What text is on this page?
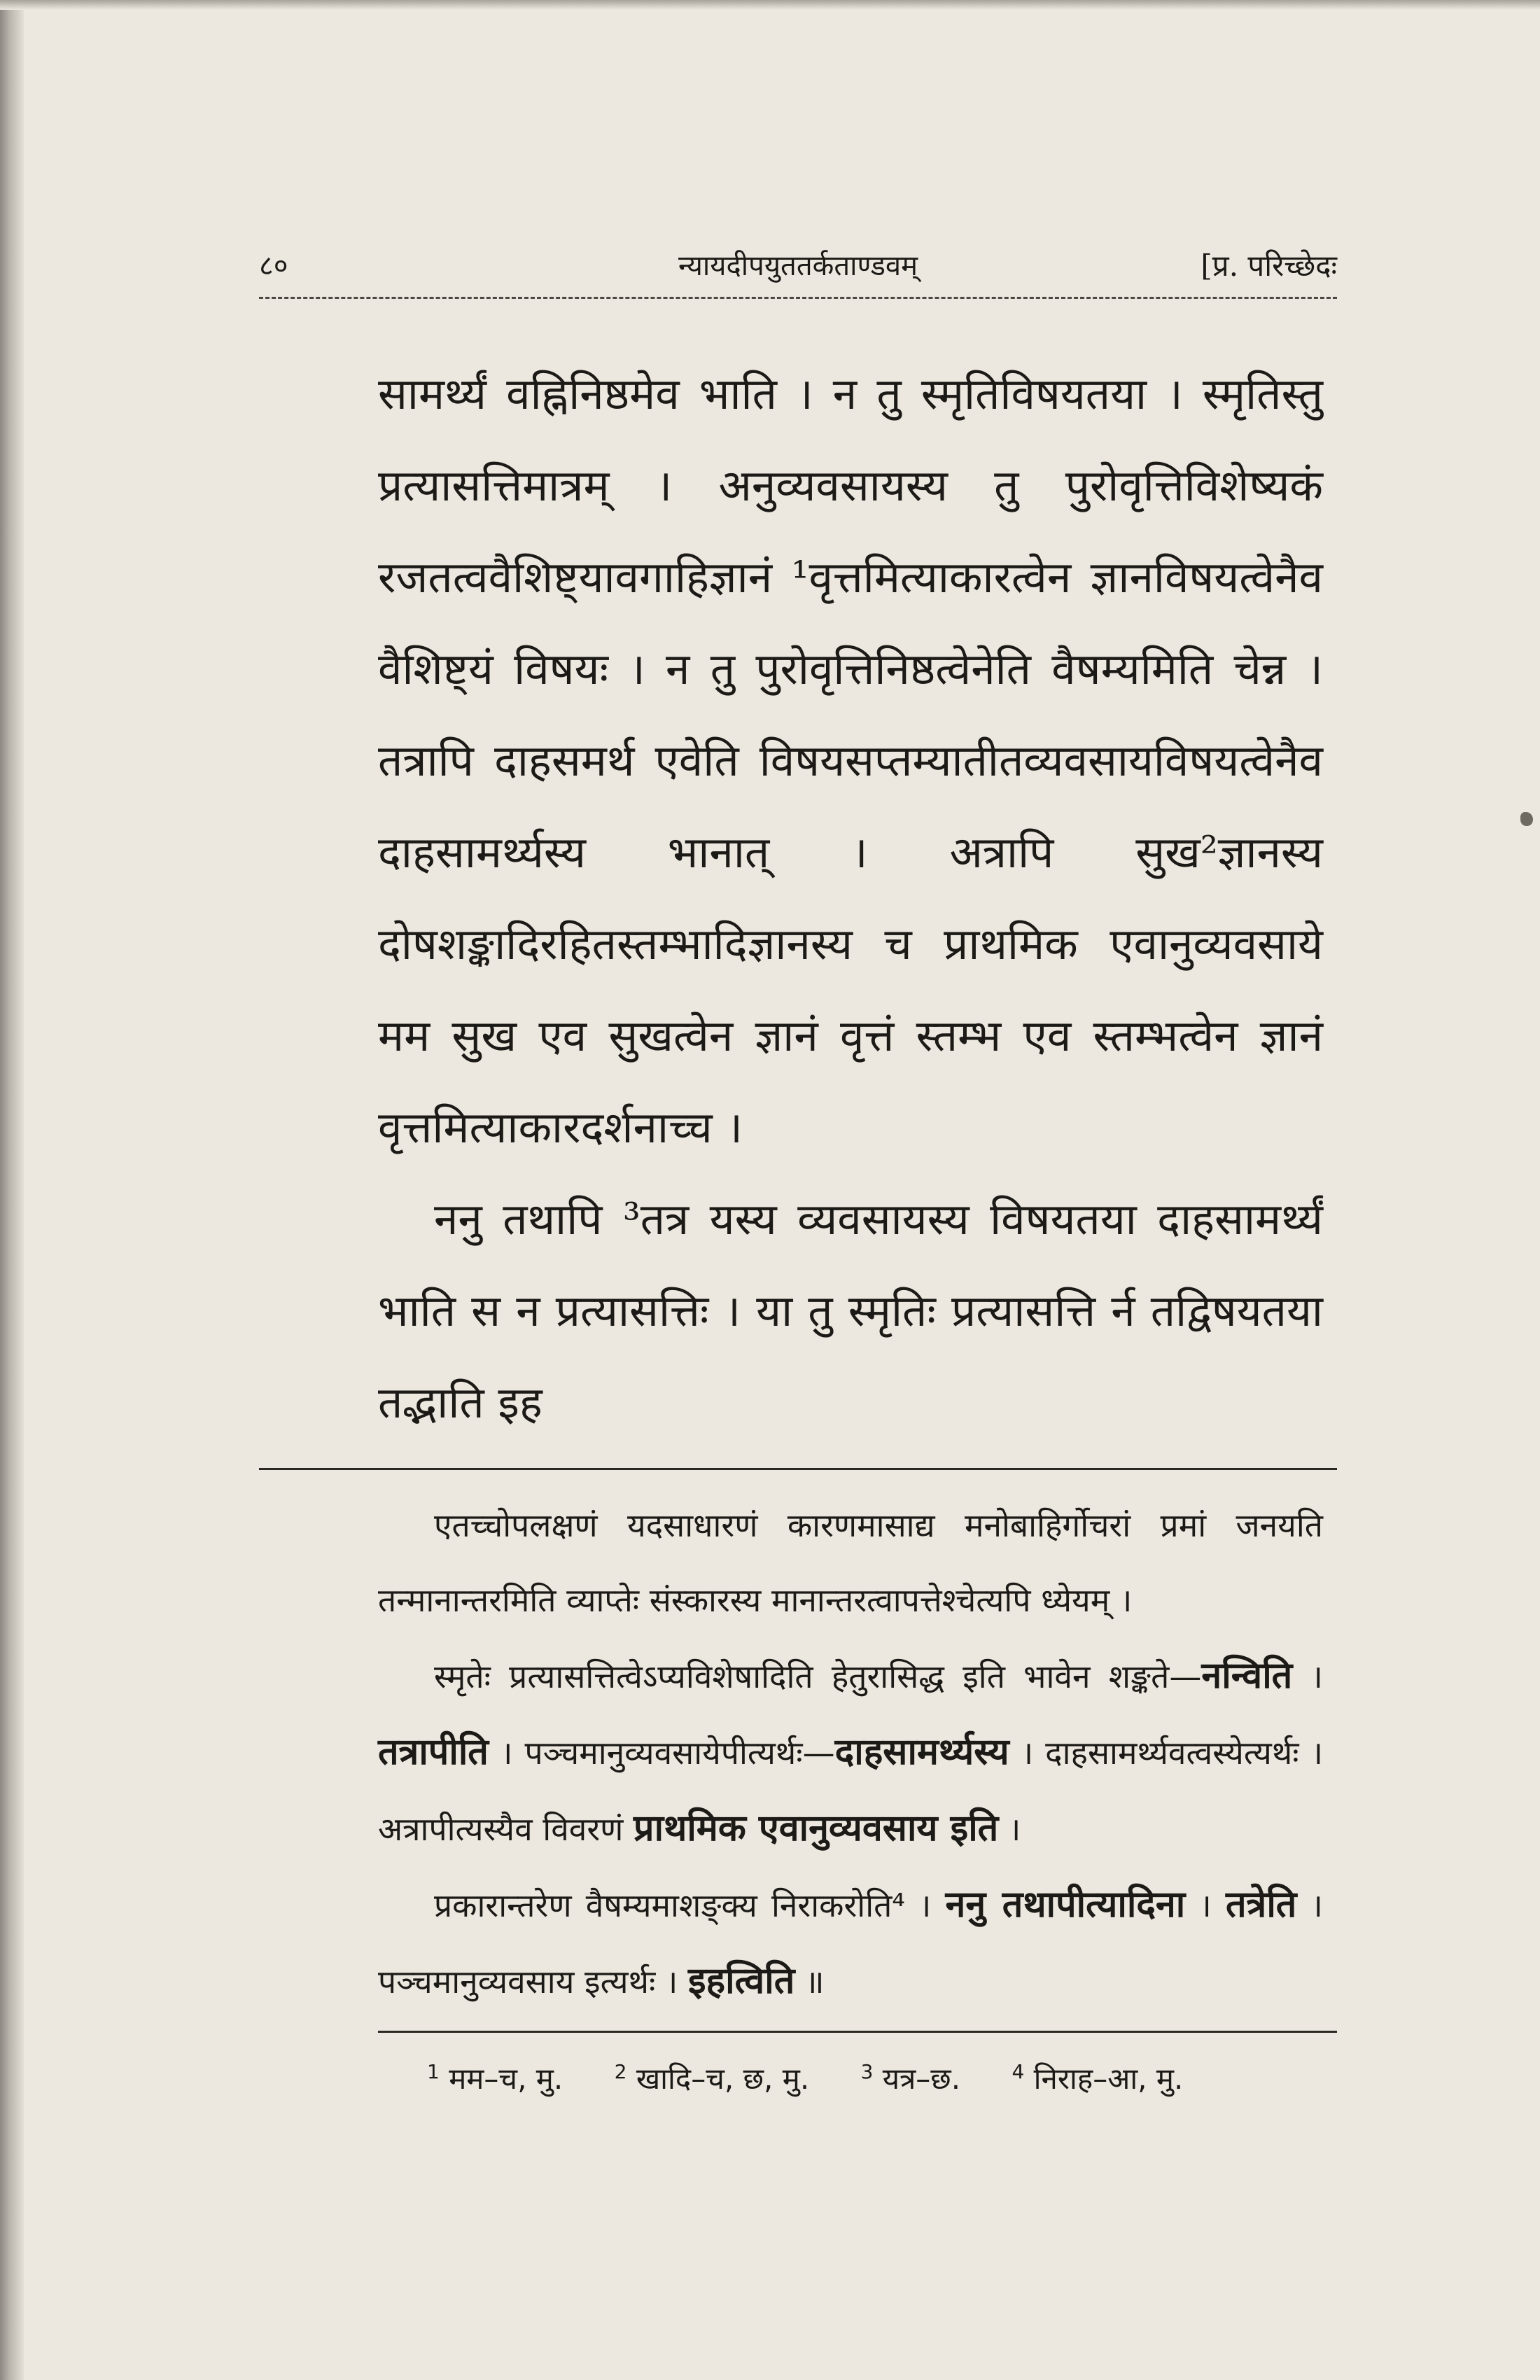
८०	न्यायदीपयुततर्कताण्डवम्	[प्र. परिच्छेदः

सामर्थ्यं वह्निनिष्ठमेव भाति । न तु स्मृतिविषयतया । स्मृतिस्तु प्रत्यासत्तिमात्रम् । अनुव्यवसायस्य तु पुरोवृत्तिविशेष्यकं रजतत्ववैशिष्ट्यावगाहिज्ञानं ¹वृत्तमित्याकारत्वेन ज्ञानविषयत्वेनैव वैशिष्ट्यं विषयः । न तु पुरोवृत्तिनिष्ठत्वेनेति वैषम्यमिति चेन्न । तत्रापि दाहसमर्थ एवेति विषयसप्तम्यातीतव्यवसायविषयत्वेनैव दाहसामर्थ्यस्य भानात् । अत्रापि सुख²ज्ञानस्य दोषशङ्कादिरहितस्तम्भादिज्ञानस्य च प्राथमिक एवानुव्यवसाये मम सुख एव सुखत्वेन ज्ञानं वृत्तं स्तम्भ एव स्तम्भत्वेन ज्ञानं वृत्तमित्याकारदर्शनाच्च ।

ननु तथापि ³तत्र यस्य व्यवसायस्य विषयतया दाहसामर्थ्यं भाति स न प्रत्यासत्तिः । या तु स्मृतिः प्रत्यासत्ति र्न तद्विषयतया तद्भाति इह

एतच्चोपलक्षणं यदसाधारणं कारणमासाद्य मनोबाहिर्गोचरां प्रमां जनयति तन्मानान्तरमिति व्याप्तेः संस्कारस्य मानान्तरत्वापत्तेश्चेत्यपि ध्येयम् ।

स्मृतेः प्रत्यासत्तित्वेऽप्यविशेषादिति हेतुरासिद्ध इति भावेन शङ्कते—नन्विति । तत्रापीति । पञ्चमानुव्यवसायेपीत्यर्थः—दाहसामर्थ्यस्य । दाहसामर्थ्यवत्वस्येत्यर्थः । अत्रापीत्यस्यैव विवरणं प्राथमिक एवानुव्यवसाय इति ।

प्रकारान्तरेण वैषम्यमाशङ्क्य निराकरोति⁴ । ननु तथापीत्यादिना । तत्रेति । पञ्चमानुव्यवसाय इत्यर्थः । इहत्विति ॥

$^1$ मम–च, मु.	$^2$ खादि–च, छ, मु.	$^3$ यत्र–छ.	$^4$ निराह–आ, मु.
